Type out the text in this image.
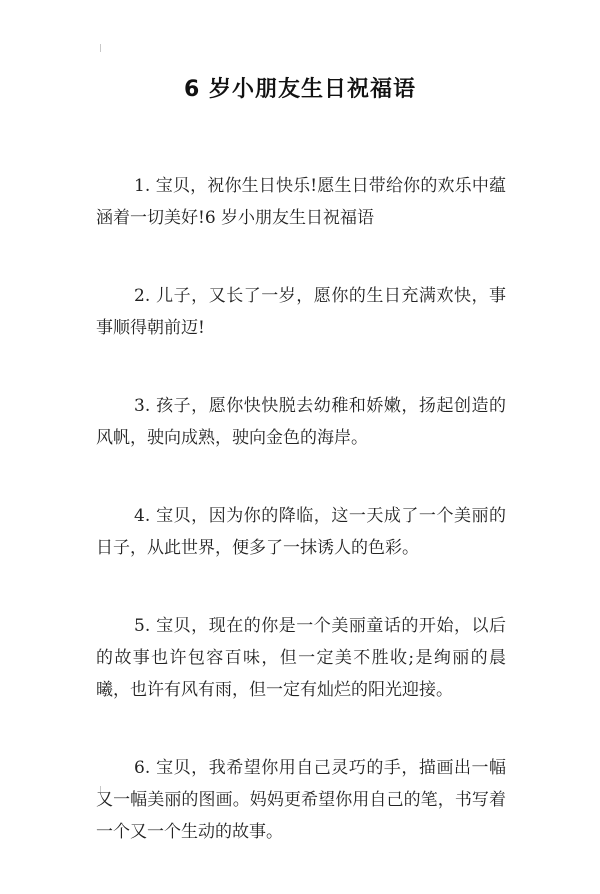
6 岁小朋友生日祝福语

1. 宝贝，祝你生日快乐!愿生日带给你的欢乐中蕴涵着一切美好!6 岁小朋友生日祝福语

2. 儿子，又长了一岁，愿你的生日充满欢快，事事顺得朝前迈!

3. 孩子，愿你快快脱去幼稚和娇嫩，扬起创造的风帆，驶向成熟，驶向金色的海岸。

4. 宝贝，因为你的降临，这一天成了一个美丽的日子，从此世界，便多了一抹诱人的色彩。

5. 宝贝，现在的你是一个美丽童话的开始，以后的故事也许包容百味，但一定美不胜收;是绚丽的晨曦，也许有风有雨，但一定有灿烂的阳光迎接。

6. 宝贝，我希望你用自己灵巧的手，描画出一幅又一幅美丽的图画。妈妈更希望你用自己的笔，书写着一个又一个生动的故事。
